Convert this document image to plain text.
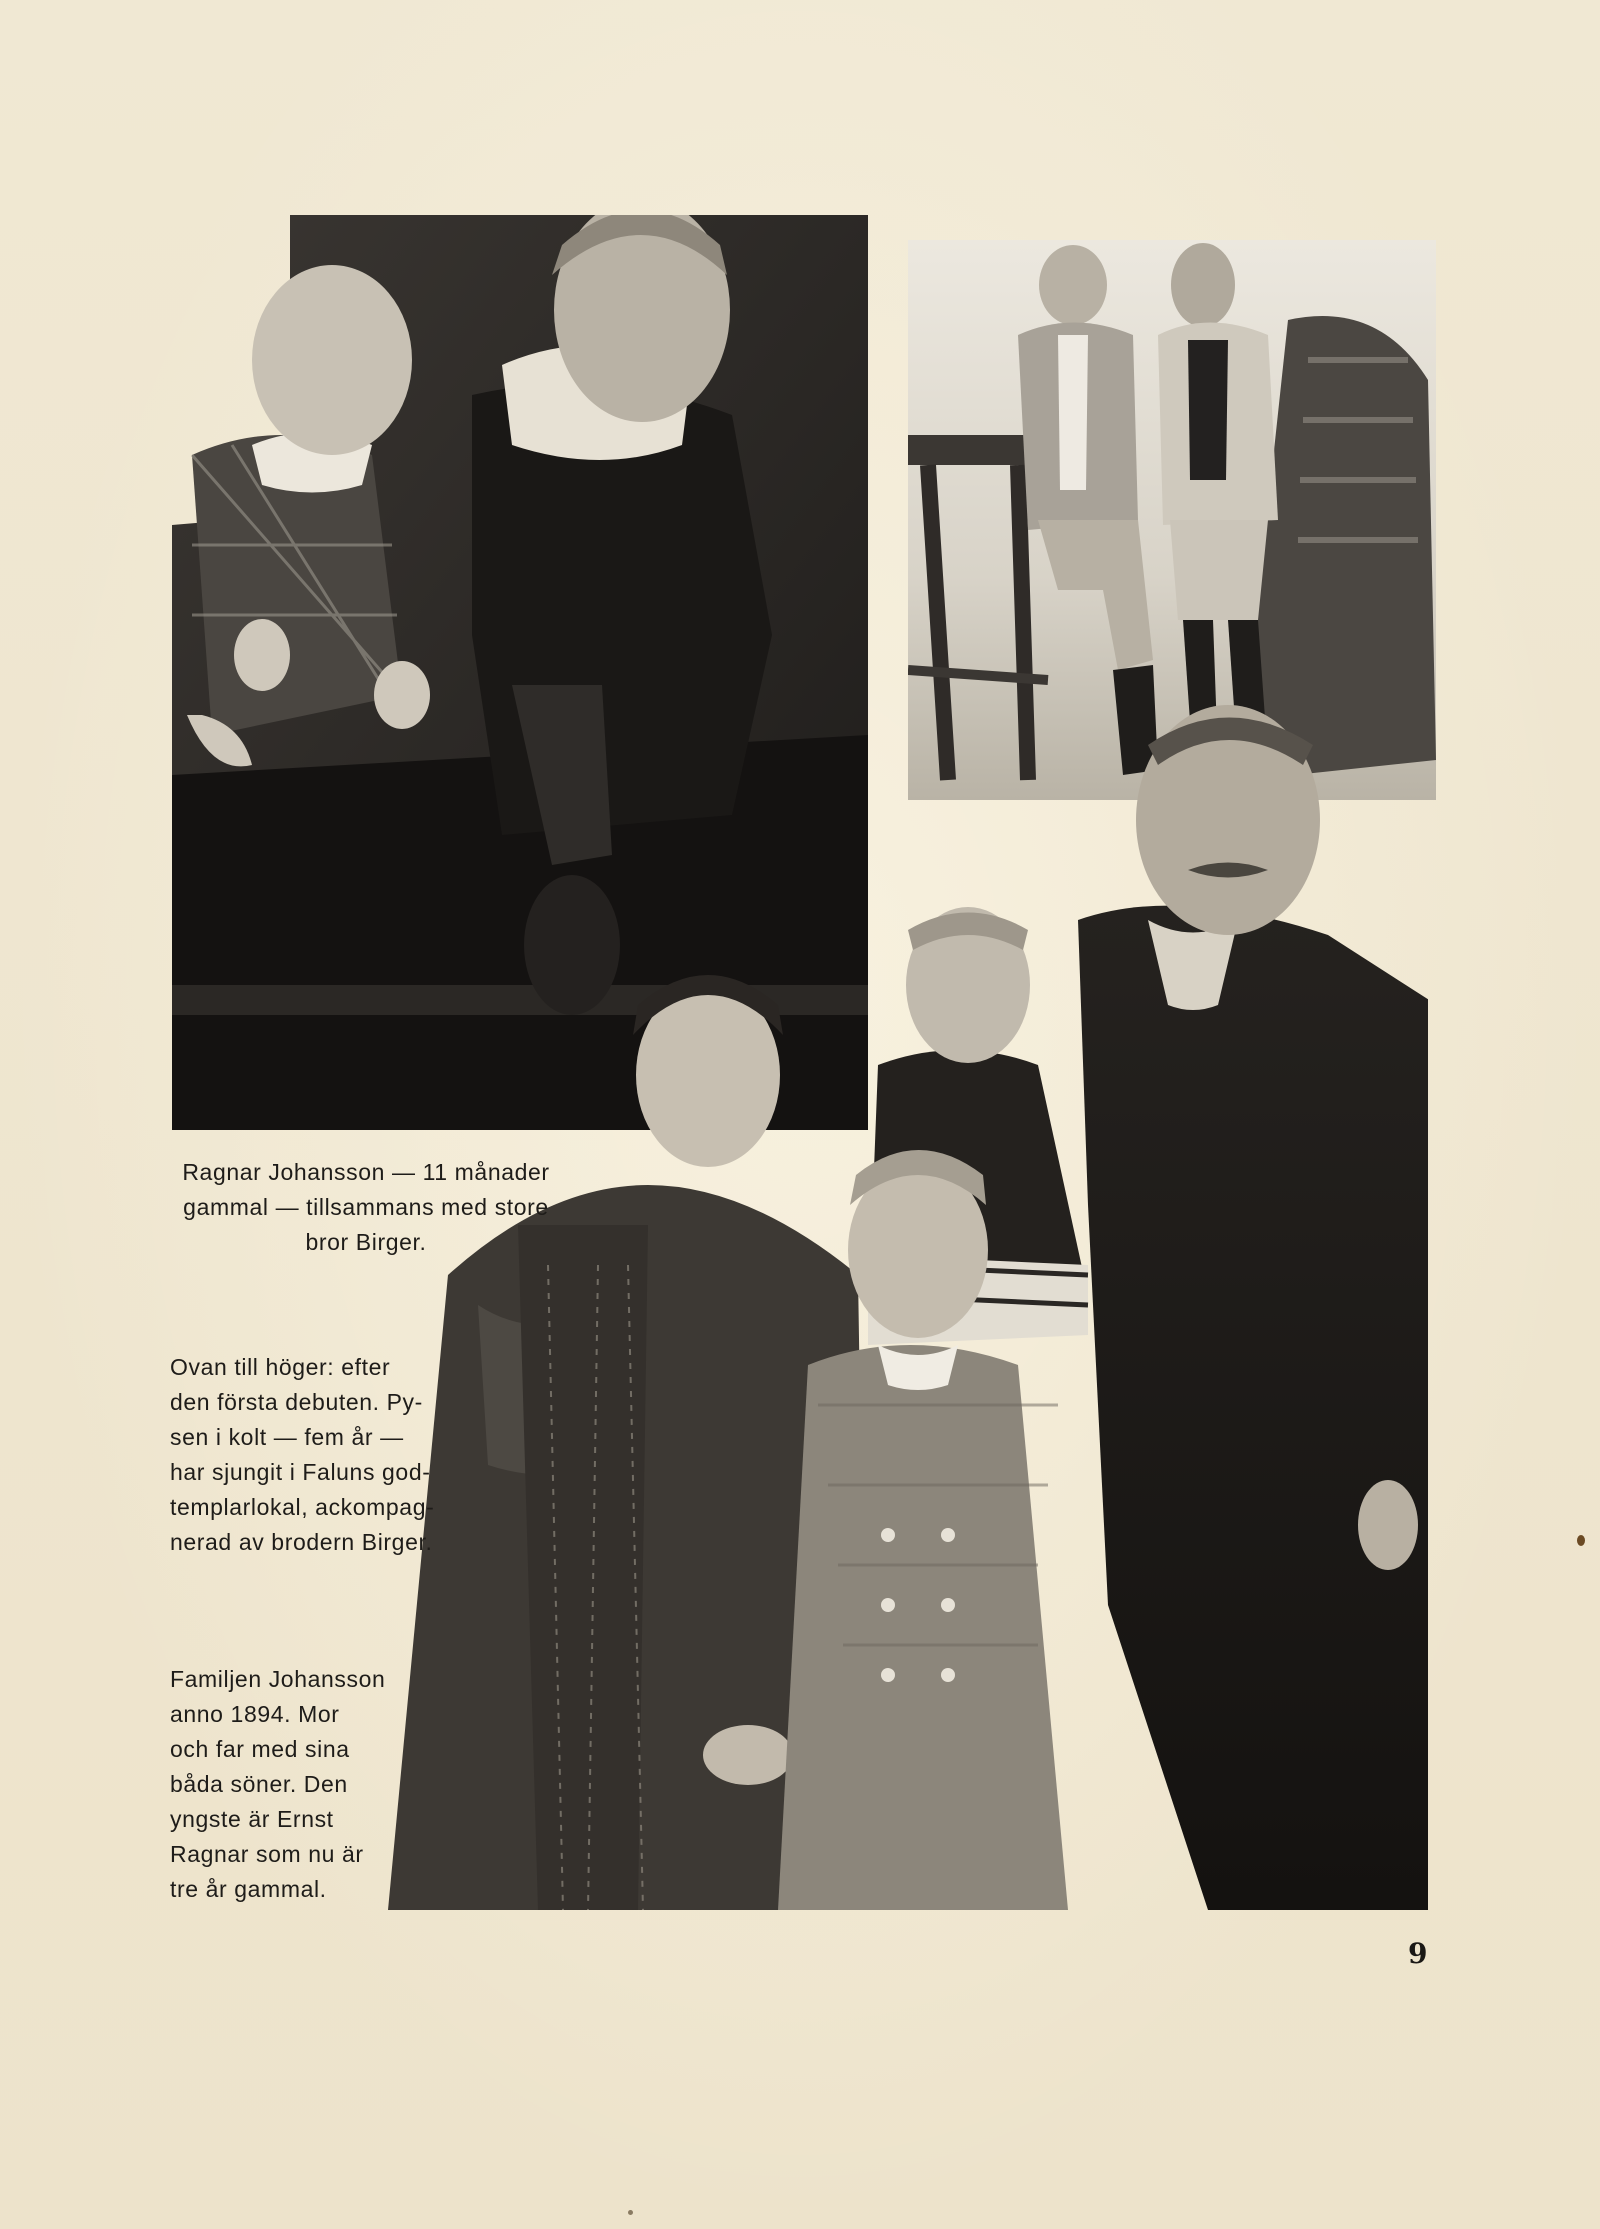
Ragnar Johansson — 11 månader
gammal — tillsammans med store
bror Birger.
Ovan till höger: efter
den första debuten. Py-
sen i kolt — fem år —
har sjungit i Faluns god-
templarlokal, ackompag-
nerad av brodern Birger.
Familjen Johansson
anno 1894. Mor
och far med sina
båda söner. Den
yngste är Ernst
Ragnar som nu är
tre år gammal.
9
